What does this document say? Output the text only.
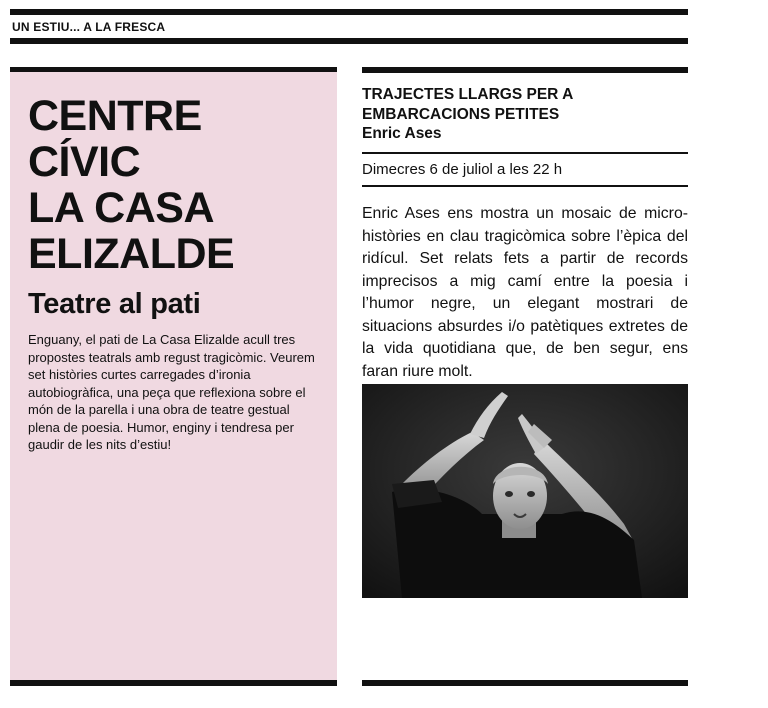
UN ESTIU... A LA FRESCA
CENTRE
CÍVIC
LA CASA
ELIZALDE
Teatre al pati

Enguany, el pati de La Casa Elizalde acull tres propostes teatrals amb regust tragicòmic. Veurem set històries curtes carregades d’ironia autobiogràfica, una peça que reflexiona sobre el món de la parella i una obra de teatre gestual plena de poesia. Humor, enginy i tendresa per gaudir de les nits d’estiu!

TRAJECTES LLARGS PER A
EMBARCACIONS PETITES
Enric Ases
Dimecres 6 de juliol a les 22 h

Enric Ases ens mostra un mosaic de micro-històries en clau tragicòmica sobre l’èpica del ridícul. Set relats fets a partir de records imprecisos a mig camí entre la poesia i l’humor negre, un elegant mostrari de situacions absurdes i/o patètiques extretes de la vida quotidiana que, de ben segur, ens faran riure molt.
